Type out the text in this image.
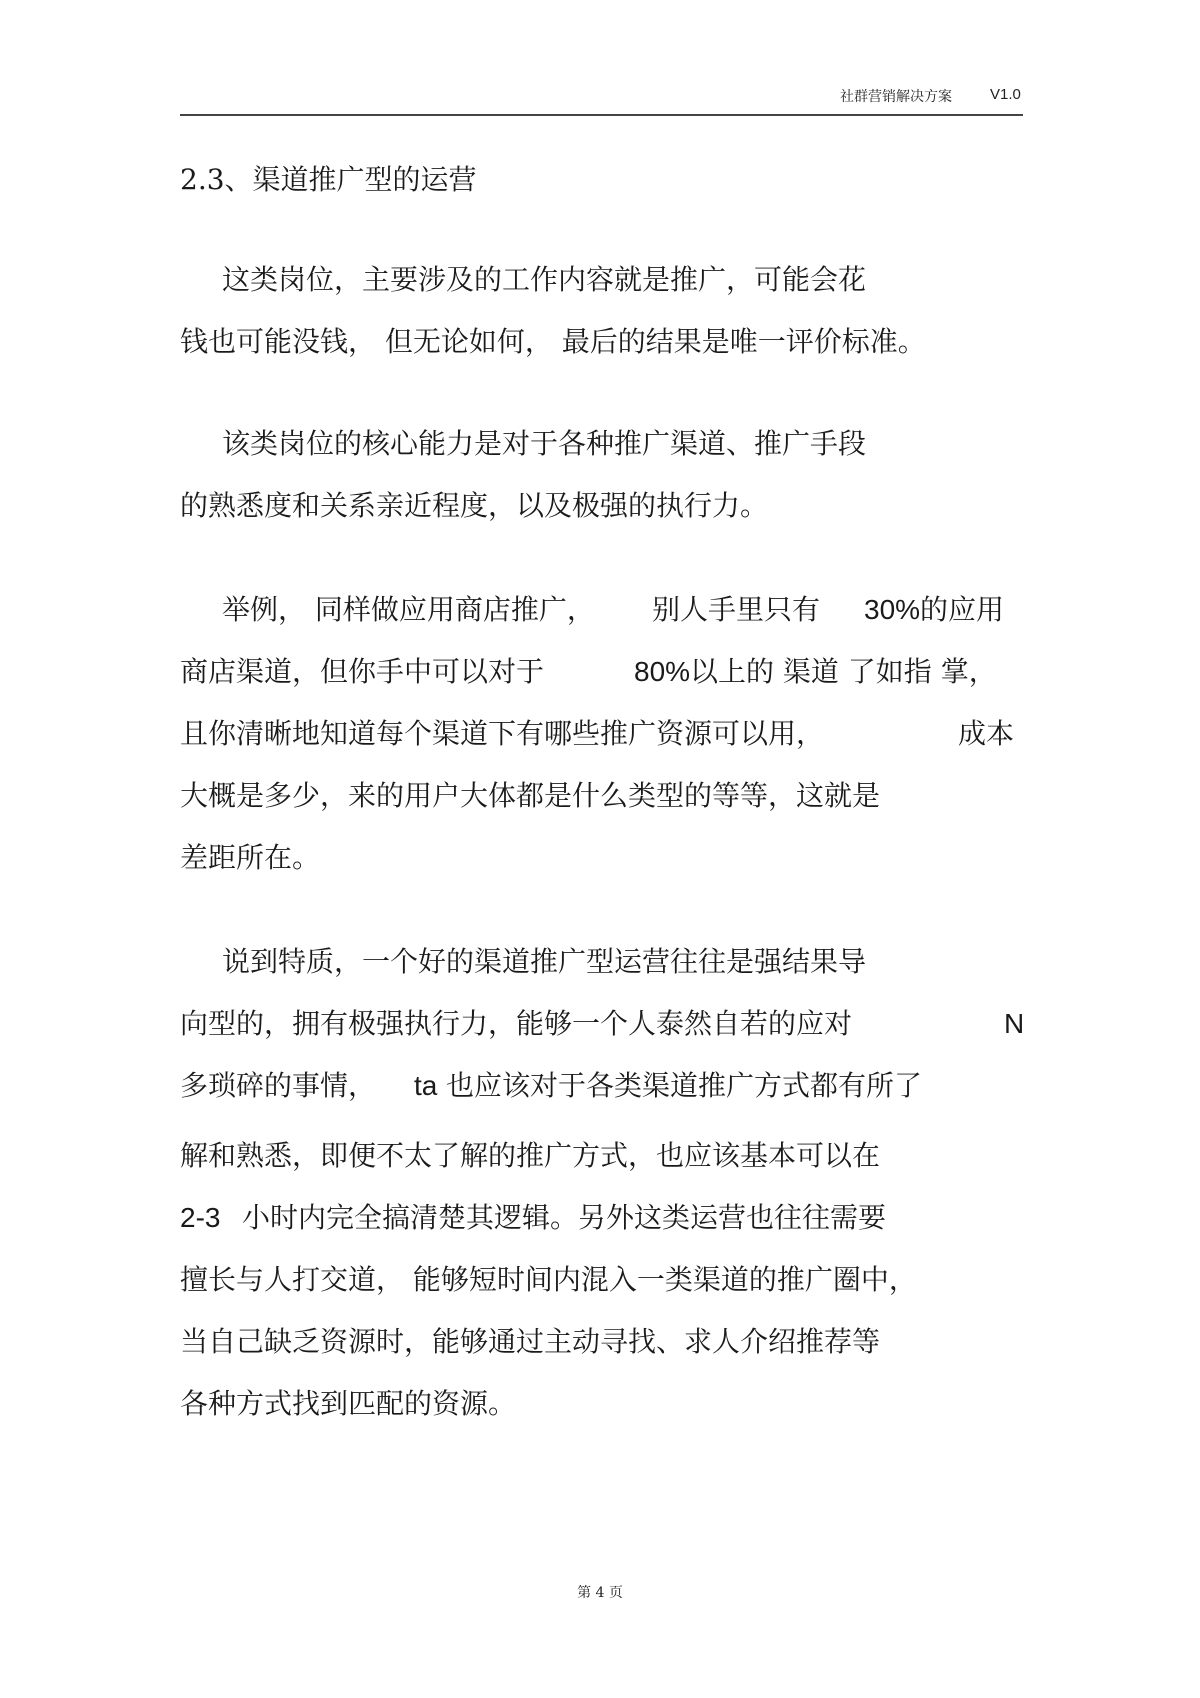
社群营销解决方案	V1.0
2.3、渠道推广型的运营
这类岗位，主要涉及的工作内容就是推广，可能会花
钱也可能没钱， 但无论如何， 最后的结果是唯一评价标准。
该类岗位的核心能力是对于各种推广渠道、推广手段
的熟悉度和关系亲近程度，以及极强的执行力。
举例， 同样做应用商店推广， 别人手里只有 30% 的应用
商店渠道，但你手中可以对于	80% 以上的 渠道 了如指 掌，
且你清晰地知道每个渠道下有哪些推广资源可以用，	成本
大概是多少，来的用户大体都是什么类型的等等，这就是
差距所在。
说到特质，一个好的渠道推广型运营往往是强结果导
向型的，拥有极强执行力，能够一个人泰然自若的应对	N
多琐碎的事情， ta 也应该对于各类渠道推广方式都有所了
解和熟悉，即便不太了解的推广方式，也应该基本可以在
2-3 小时内完全搞清楚其逻辑。另外这类运营也往往需要
擅长与人打交道， 能够短时间内混入一类渠道的推广圈中，
当自己缺乏资源时，能够通过主动寻找、求人介绍推荐等
各种方式找到匹配的资源。
第 4 页
